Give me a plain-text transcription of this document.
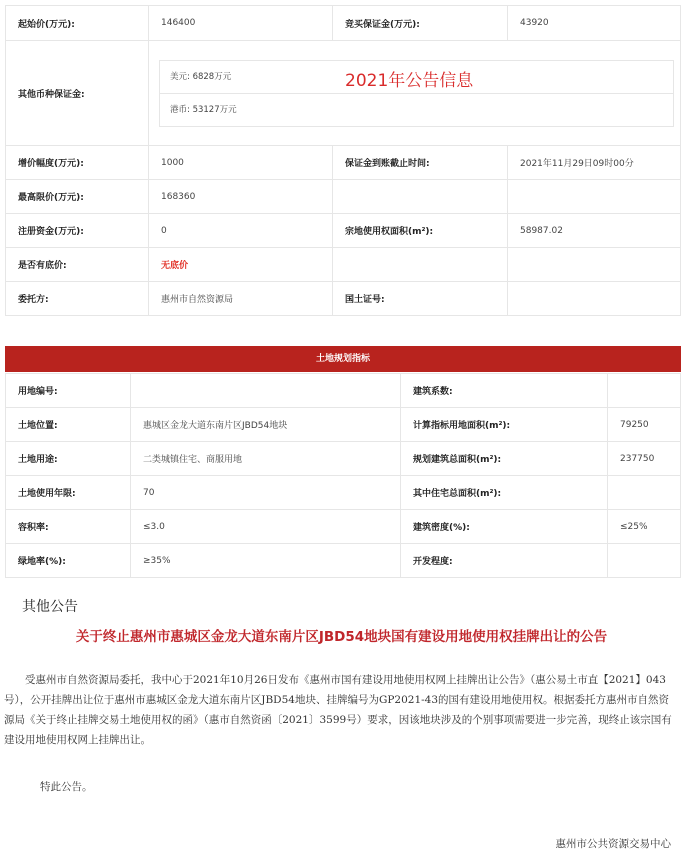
起始价(万元):	146400	竞买保证金(万元):	43920
其他币种保证金:	美元: 6828万元
港币: 53127万元		

增价幅度(万元):	1000	保证金到账截止时间:	2021年11月29日09时00分
最高限价(万元):	168360		
注册资金(万元):	0	宗地使用权面积(m²):	58987.02
是否有底价:	无底价		
委托方:	惠州市自然资源局	国土证号:	
2021年公告信息
土地规划指标
用地编号:		建筑系数:	
土地位置:	惠城区金龙大道东南片区JBD54地块	计算指标用地面积(m²):	79250
土地用途:	二类城镇住宅、商服用地	规划建筑总面积(m²):	237750
土地使用年限:	70	其中住宅总面积(m²):	
容积率:	≤3.0	建筑密度(%):	≤25%
绿地率(%):	≥35%	开发程度:	
其他公告
关于终止惠州市惠城区金龙大道东南片区JBD54地块国有建设用地使用权挂牌出让的公告

受惠州市自然资源局委托，我中心于2021年10月26日发布《惠州市国有建设用地使用权网上挂牌出让公告》（惠公易土市直【2021】043号），公开挂牌出让位于惠州市惠城区金龙大道东南片区JBD54地块、挂牌编号为GP2021-43的国有建设用地使用权。根据委托方惠州市自然资源局《关于终止挂牌交易土地使用权的函》（惠市自然资函〔2021〕3599号）要求，因该地块涉及的个别事项需要进一步完善，现终止该宗国有建设用地使用权网上挂牌出让。

特此公告。
惠州市公共资源交易中心
